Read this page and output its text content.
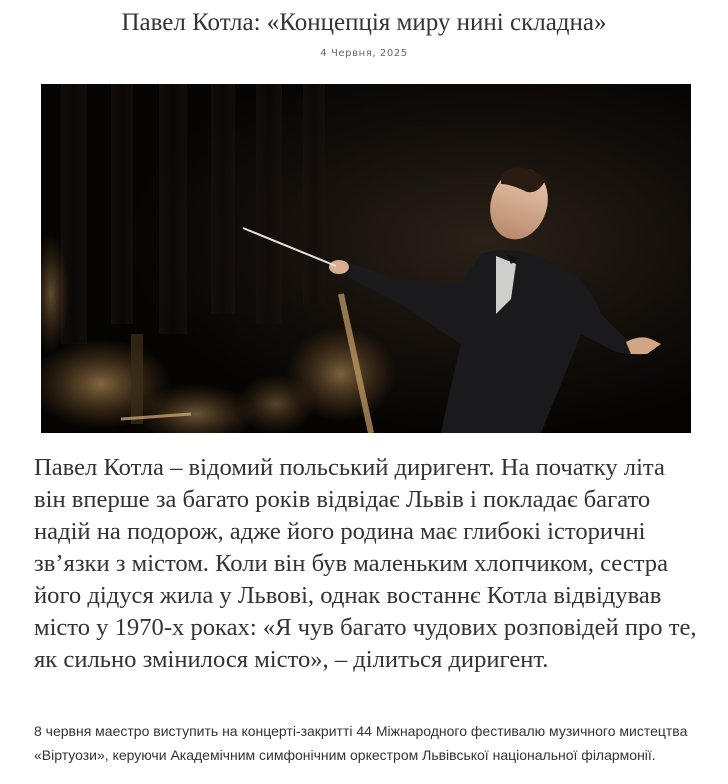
Павел Котла: «Концепція миру нині складна»
4 Червня, 2025

Павел Котла – відомий польський диригент. На початку літа він вперше за багато років відвідає Львів і покладає багато надій на подорож, адже його родина має глибокі історичні зв’язки з містом. Коли він був маленьким хлопчиком, сестра його дідуся жила у Львові, однак востаннє Котла відвідував місто у 1970-х роках: «Я чув багато чудових розповідей про те, як сильно змінилося місто», – ділиться диригент.

8 червня маестро виступить на концерті-закритті 44 Міжнародного фестивалю музичного мистецтва «Віртуози», керуючи Академічним симфонічним оркестром Львівської національної філармонії.
